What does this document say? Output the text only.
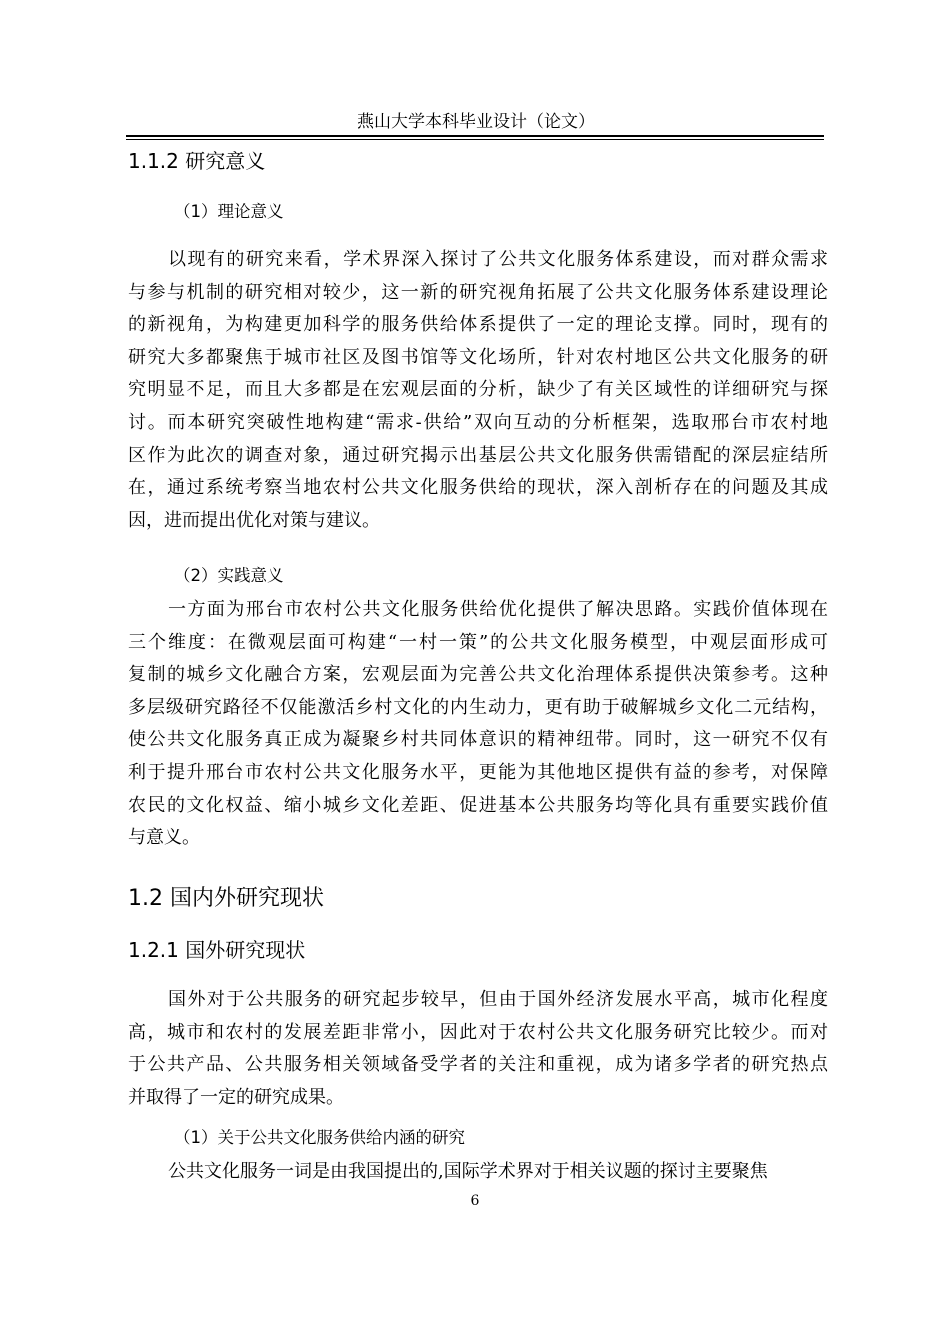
燕山大学本科毕业设计（论文）
1.1.2 研究意义
（1）理论意义
以现有的研究来看，学术界深入探讨了公共文化服务体系建设，而对群众需求
与参与机制的研究相对较少，这一新的研究视角拓展了公共文化服务体系建设理论
的新视角，为构建更加科学的服务供给体系提供了一定的理论支撑。同时，现有的
研究大多都聚焦于城市社区及图书馆等文化场所，针对农村地区公共文化服务的研
究明显不足，而且大多都是在宏观层面的分析，缺少了有关区域性的详细研究与探
讨。而本研究突破性地构建“需求-供给”双向互动的分析框架，选取邢台市农村地
区作为此次的调查对象，通过研究揭示出基层公共文化服务供需错配的深层症结所
在，通过系统考察当地农村公共文化服务供给的现状，深入剖析存在的问题及其成
因，进而提出优化对策与建议。
（2）实践意义
一方面为邢台市农村公共文化服务供给优化提供了解决思路。实践价值体现在
三个维度：在微观层面可构建“一村一策”的公共文化服务模型，中观层面形成可
复制的城乡文化融合方案，宏观层面为完善公共文化治理体系提供决策参考。这种
多层级研究路径不仅能激活乡村文化的内生动力，更有助于破解城乡文化二元结构，
使公共文化服务真正成为凝聚乡村共同体意识的精神纽带。同时，这一研究不仅有
利于提升邢台市农村公共文化服务水平，更能为其他地区提供有益的参考，对保障
农民的文化权益、缩小城乡文化差距、促进基本公共服务均等化具有重要实践价值
与意义。
1.2 国内外研究现状
1.2.1 国外研究现状
国外对于公共服务的研究起步较早，但由于国外经济发展水平高，城市化程度
高，城市和农村的发展差距非常小，因此对于农村公共文化服务研究比较少。而对
于公共产品、公共服务相关领域备受学者的关注和重视，成为诸多学者的研究热点
并取得了一定的研究成果。
（1）关于公共文化服务供给内涵的研究
公共文化服务一词是由我国提出的,国际学术界对于相关议题的探讨主要聚焦
6
